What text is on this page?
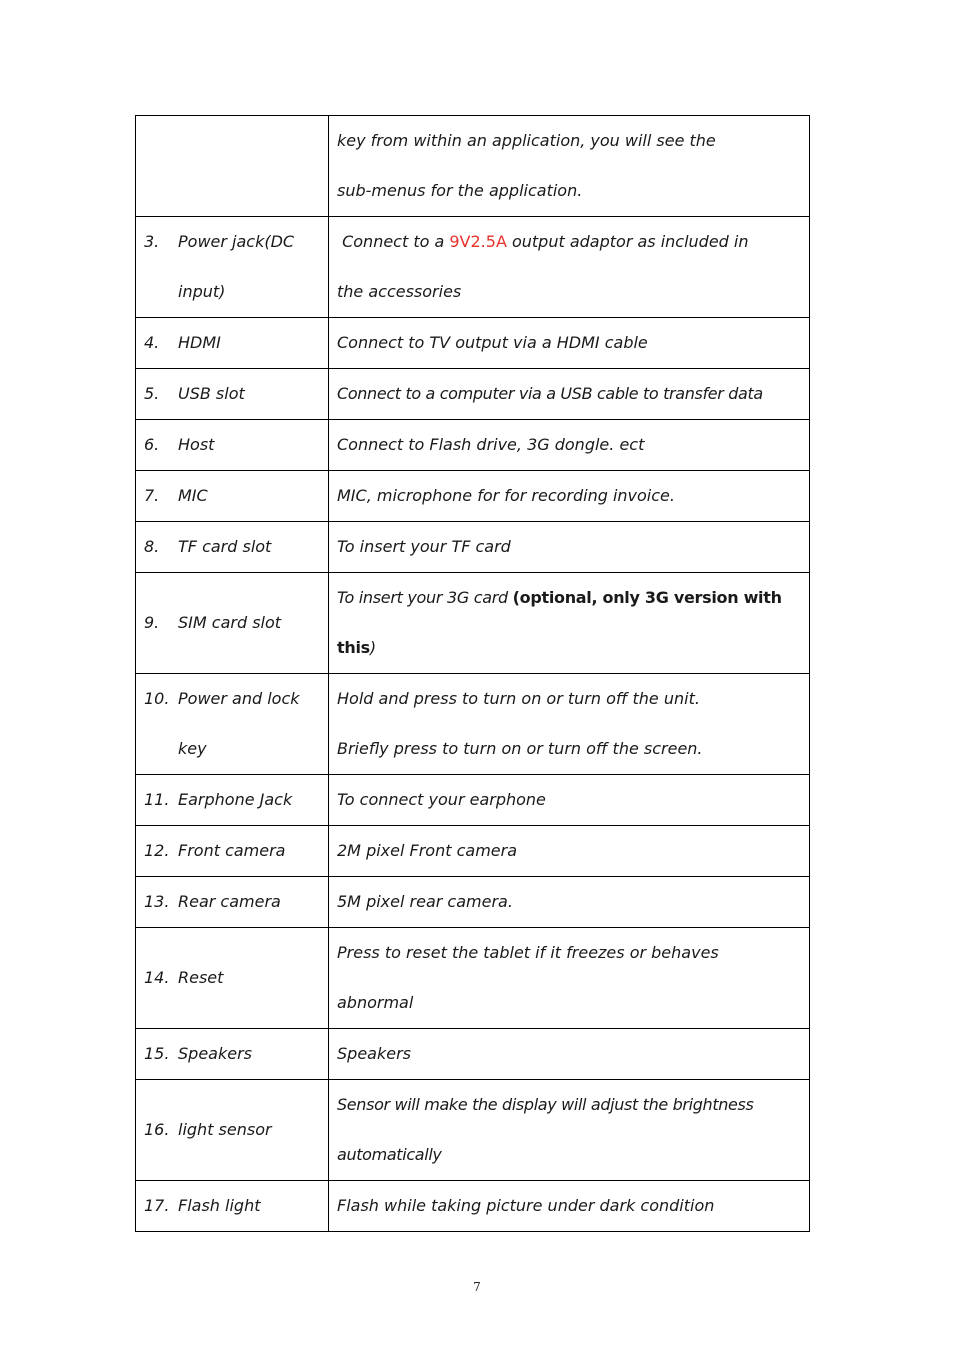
	key from within an application, you will see the
sub-menus for the application.
3. Power jack(DC

input)	Connect to a 9V2.5A output adaptor as included in
the accessories
4. HDMI	Connect to TV output via a HDMI cable
5. USB slot	Connect to a computer via a USB cable to transfer data
6. Host	Connect to Flash drive, 3G dongle. ect
7. MIC	MIC, microphone for for recording invoice.
8. TF card slot	To insert your TF card
9. SIM card slot	To insert your 3G card (optional, only 3G version with
this)
10. Power and lock

key	Hold and press to turn on or turn off the unit.
Briefly press to turn on or turn off the screen.
11. Earphone Jack	To connect your earphone
12. Front camera	2M pixel Front camera
13. Rear camera	5M pixel rear camera.
14. Reset	Press to reset the tablet if it freezes or behaves
abnormal
15. Speakers	Speakers
16. light sensor	Sensor will make the display will adjust the brightness
automatically
17. Flash light	Flash while taking picture under dark condition
7
